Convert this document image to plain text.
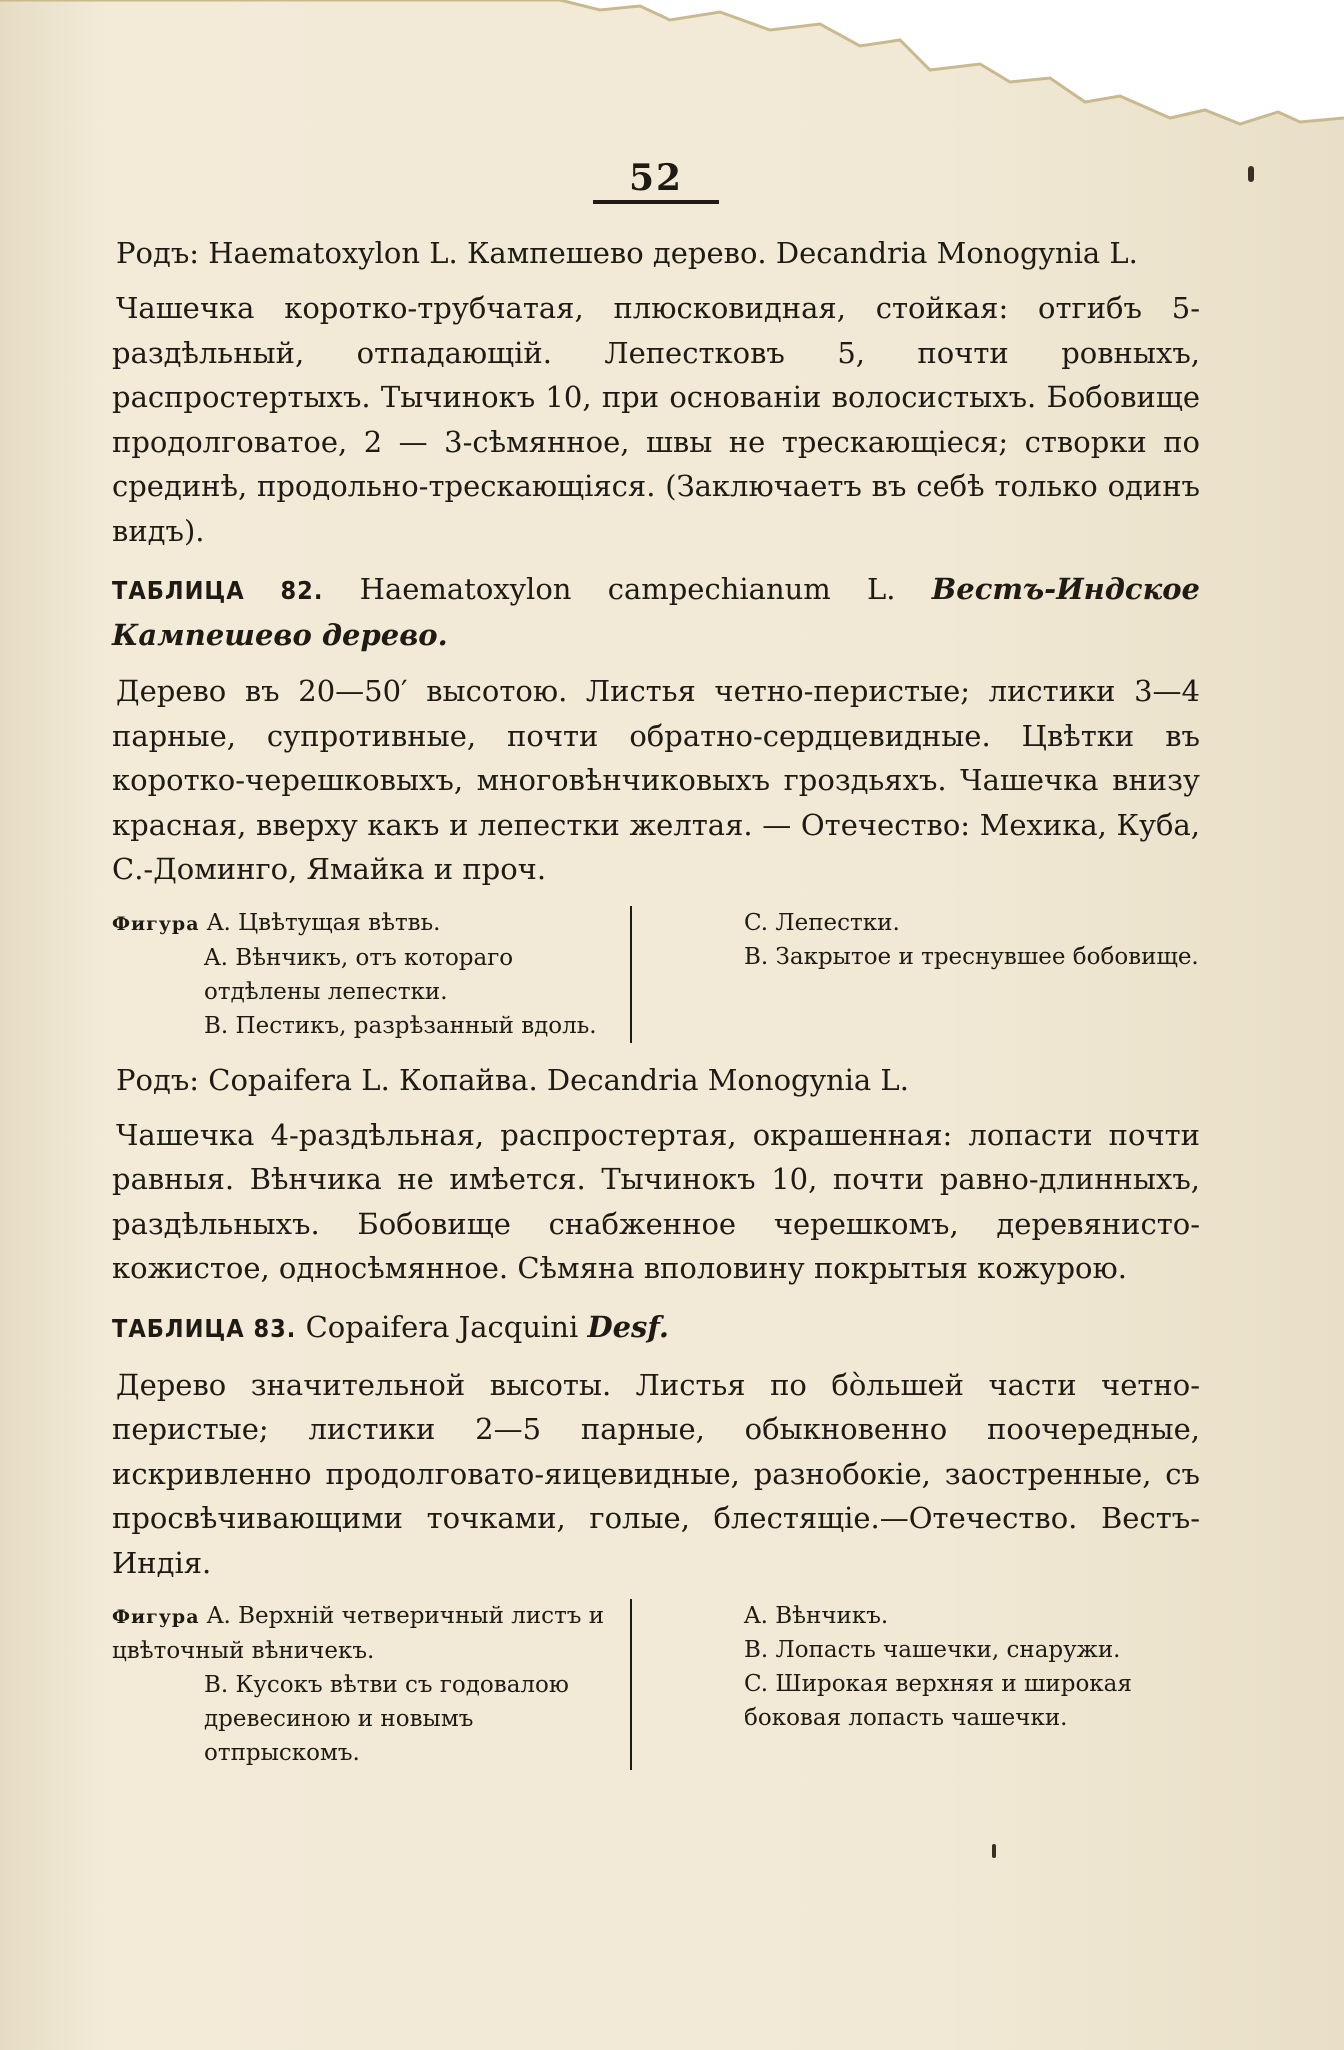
52

Родъ: Haematoxylon L. Кампешево дерево. Decandria Monogynia L.

Чашечка коротко-трубчатая, плюсковидная, стойкая: отгибъ 5-раздѣльный, отпадающій. Лепестковъ 5, почти ровныхъ, распростертыхъ. Тычинокъ 10, при основаніи волосистыхъ. Бобовище продолговатое, 2 — 3-сѣмянное, швы не трескающіеся; створки по срединѣ, продольно-трескающіяся. (Заключаетъ въ себѣ только одинъ видъ).

ТАБЛИЦА 82. Haematoxylon campechianum L. Вестъ-Индское Кампешево дерево.

Дерево въ 20—50′ высотою. Листья четно-перистые; листики 3—4 парные, супротивные, почти обратно-сердцевидные. Цвѣтки въ коротко-черешковыхъ, многовѣнчиковыхъ гроздьяхъ. Чашечка внизу красная, вверху какъ и лепестки желтая. — Отечество: Мехика, Куба, С.-Доминго, Ямайка и проч.

Фигура A. Цвѣтущая вѣтвь.

A. Вѣнчикъ, отъ котораго отдѣлены лепестки.

B. Пестикъ, разрѣзанный вдоль.

C. Лепестки.

B. Закрытое и треснувшее бобовище.

Родъ: Copaifera L. Копайва. Decandria Monogynia L.

Чашечка 4-раздѣльная, распростертая, окрашенная: лопасти почти равныя. Вѣнчика не имѣется. Тычинокъ 10, почти равно-длинныхъ, раздѣльныхъ. Бобовище снабженное черешкомъ, деревянисто-кожистое, односѣмянное. Сѣмяна вполовину покрытыя кожурою.

ТАБЛИЦА 83. Copaifera Jacquini Desf.

Дерево значительной высоты. Листья по бо̀льшей части четно-перистые; листики 2—5 парные, обыкновенно поочередные, искривленно продолговато-яицевидные, разнобокіе, заостренные, съ просвѣчивающими точками, голые, блестящіе.—Отечество. Вестъ-Индія.

Фигура A. Верхній четверичный листъ и цвѣточный вѣничекъ.

B. Кусокъ вѣтви съ годовалою древесиною и новымъ отпрыскомъ.

A. Вѣнчикъ.

B. Лопасть чашечки, снаружи.

C. Широкая верхняя и широкая боковая лопасть чашечки.
